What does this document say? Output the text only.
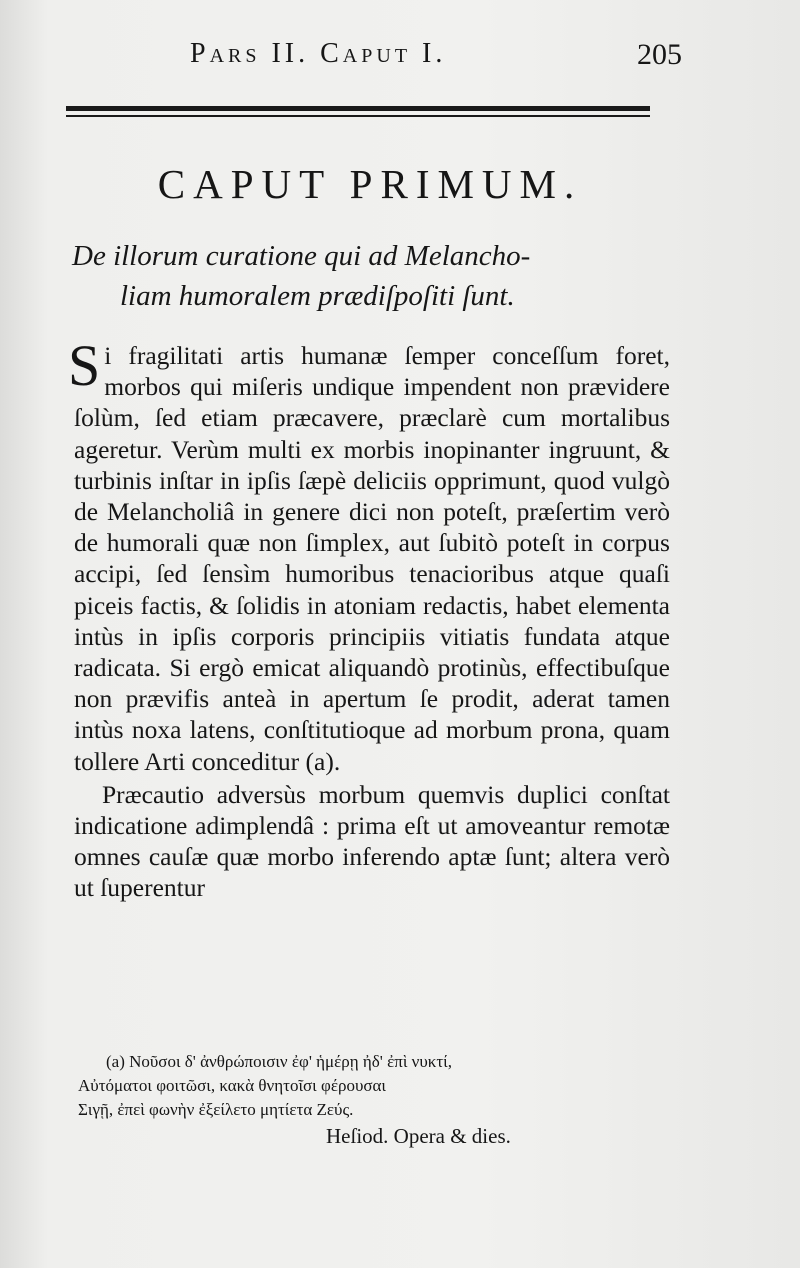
Pars II. Caput I.	205
CAPUT PRIMUM.
De illorum curatione qui ad Melancho-
liam humoralem prædiſpoſiti ſunt.

Si fragilitati artis humanæ ſemper conceſſum foret, morbos qui miſeris undique impendent non prævidere ſolùm, ſed etiam præcavere, præclarè cum mortalibus ageretur. Verùm multi ex morbis inopinanter ingruunt, & turbinis inſtar in ipſis ſæpè deliciis opprimunt, quod vulgò de Melancholiâ in genere dici non poteſt, præſertim verò de humorali quæ non ſimplex, aut ſubitò poteſt in corpus accipi, ſed ſensìm humoribus tenacioribus atque quaſi piceis factis, & ſolidis in atoniam redactis, habet elementa intùs in ipſis corporis principiis vitiatis fundata atque radicata. Si ergò emicat aliquandò protinùs, effectibuſque non prævifis anteà in apertum ſe prodit, aderat tamen intùs noxa latens, conſtitutioque ad morbum prona, quam tollere Arti conceditur (a).

Præcautio adversùs morbum quemvis duplici conſtat indicatione adimplendâ : prima eſt ut amoveantur remotæ omnes cauſæ quæ morbo inferendo aptæ ſunt; altera verò ut ſuperentur

(a) Νοῦσοι δ' ἀνθρώποισιν ἐφ' ἡμέρῃ ἠδ' ἐπὶ νυκτί,

Αὐτόματοι φοιτῶσι, κακὰ θνητοῖσι φέρουσαι

Σιγῇ, ἐπεὶ φωνὴν ἐξείλετο μητίετα Ζεύς.

Heſiod. Opera & dies.
